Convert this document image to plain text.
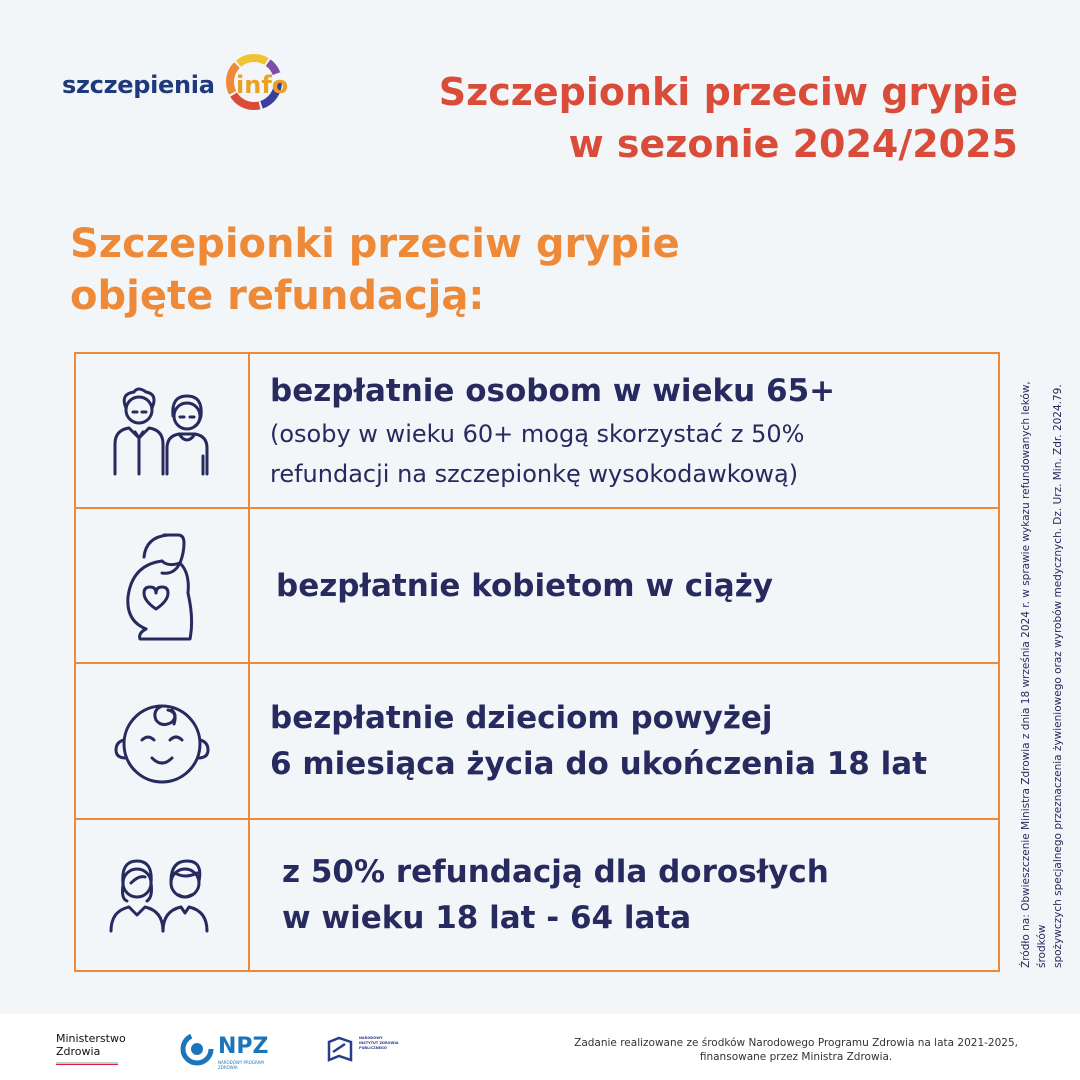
szczepienia info	Szczepionki przeciw grypie
w sezonie 2024/2025
Szczepionki przeciw grypie
objęte refundacją:
bezpłatnie osobom w wieku 65+
(osoby w wieku 60+ mogą skorzystać z 50%
refundacji na szczepionkę wysokodawkową)
bezpłatnie kobietom w ciąży
bezpłatnie dzieciom powyżej
6 miesiąca życia do ukończenia 18 lat
z 50% refundacją dla dorosłych
w wieku 18 lat - 64 lata	Źródło na: Obwieszczenie Ministra Zdrowia z dnia 18 września 2024 r. w sprawie wykazu refundowanych leków, środków spożywczych specjalnego przeznaczenia żywieniowego oraz wyrobów medycznych. Dz. Urz. Min. Zdr. 2024.79.
Ministerstwo
Zdrowia	NPZ
NARODOWY PROGRAM ZDROWIA
NARODOWY INSTYTUT ZDROWIA PUBLICZNEGO	Zadanie realizowane ze środków Narodowego Programu Zdrowia na lata 2021-2025,
finansowane przez Ministra Zdrowia.
